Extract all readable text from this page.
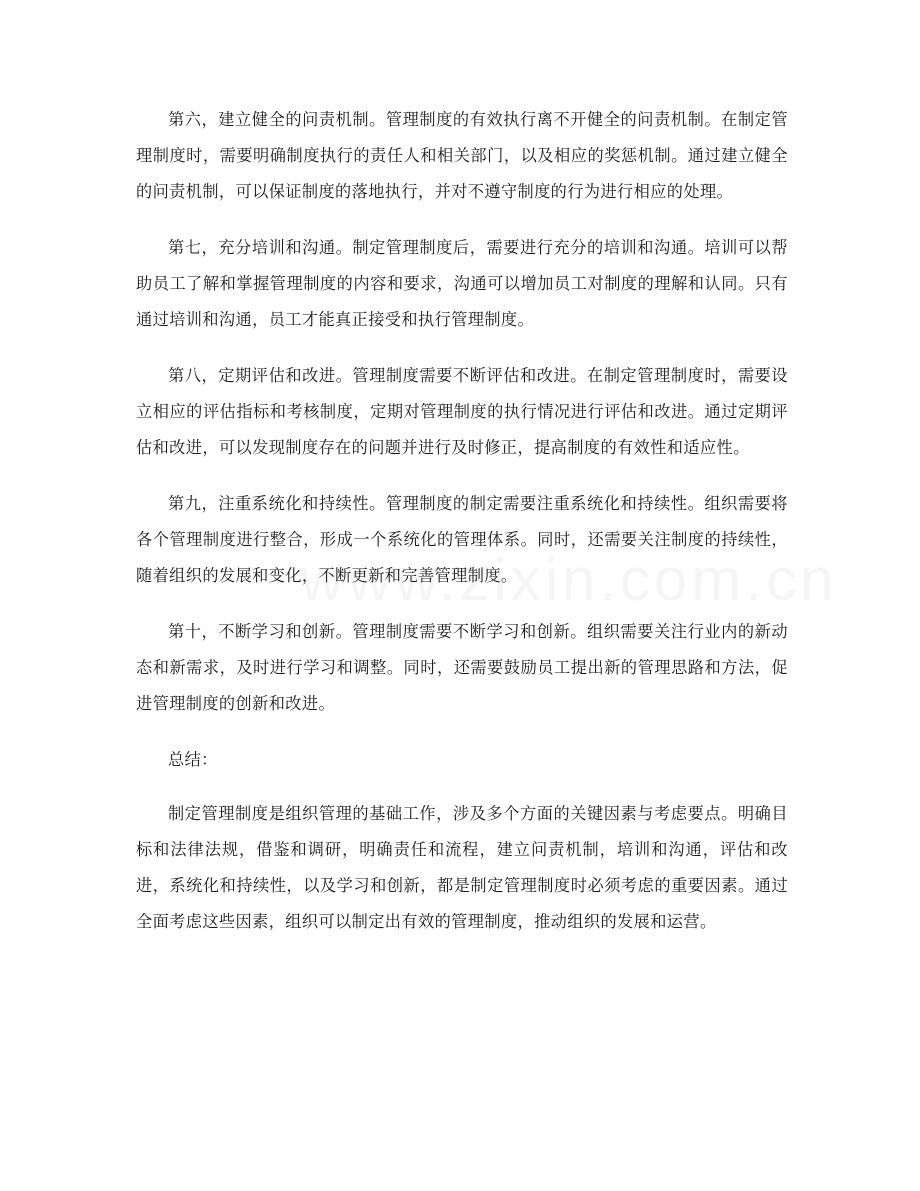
第六，建立健全的问责机制。管理制度的有效执行离不开健全的问责机制。在制定管理制度时，需要明确制度执行的责任人和相关部门，以及相应的奖惩机制。通过建立健全的问责机制，可以保证制度的落地执行，并对不遵守制度的行为进行相应的处理。

第七，充分培训和沟通。制定管理制度后，需要进行充分的培训和沟通。培训可以帮助员工了解和掌握管理制度的内容和要求，沟通可以增加员工对制度的理解和认同。只有通过培训和沟通，员工才能真正接受和执行管理制度。

第八，定期评估和改进。管理制度需要不断评估和改进。在制定管理制度时，需要设立相应的评估指标和考核制度，定期对管理制度的执行情况进行评估和改进。通过定期评估和改进，可以发现制度存在的问题并进行及时修正，提高制度的有效性和适应性。

第九，注重系统化和持续性。管理制度的制定需要注重系统化和持续性。组织需要将各个管理制度进行整合，形成一个系统化的管理体系。同时，还需要关注制度的持续性，随着组织的发展和变化，不断更新和完善管理制度。

第十，不断学习和创新。管理制度需要不断学习和创新。组织需要关注行业内的新动态和新需求，及时进行学习和调整。同时，还需要鼓励员工提出新的管理思路和方法，促进管理制度的创新和改进。

总结：

制定管理制度是组织管理的基础工作，涉及多个方面的关键因素与考虑要点。明确目标和法律法规，借鉴和调研，明确责任和流程，建立问责机制，培训和沟通，评估和改进，系统化和持续性，以及学习和创新，都是制定管理制度时必须考虑的重要因素。通过全面考虑这些因素，组织可以制定出有效的管理制度，推动组织的发展和运营。
